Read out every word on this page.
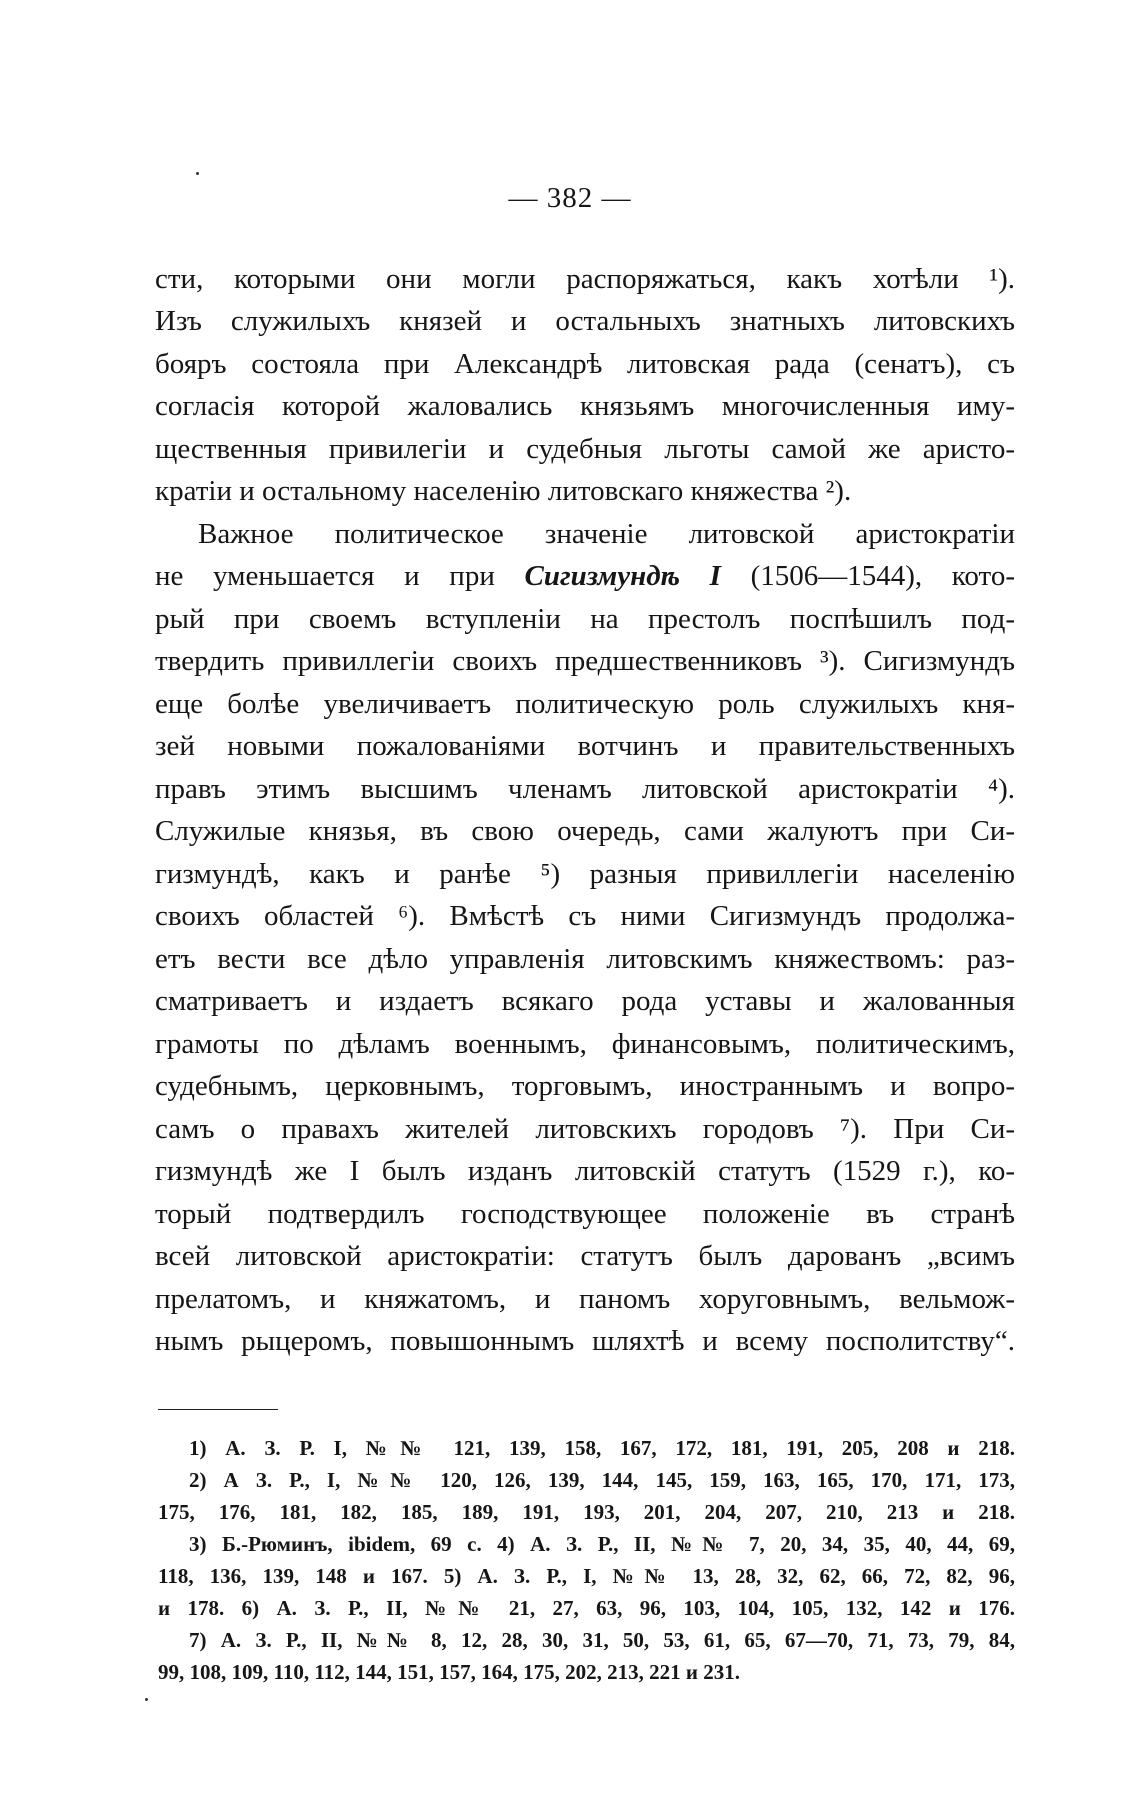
— 382 —
сти, которыми они могли распоряжаться, какъ хотѣли ¹).
Изъ служилыхъ князей и остальныхъ знатныхъ литовскихъ
бояръ состояла при Александрѣ литовская рада (сенатъ), съ
согласія которой жаловались князьямъ многочисленныя иму-
щественныя привилегіи и судебныя льготы самой же аристо-
кратіи и остальному населенію литовскаго княжества ²).
Важное политическое значеніе литовской аристократіи
не уменьшается и при Сигизмундѣ I (1506—1544), кото-
рый при своемъ вступленіи на престолъ поспѣшилъ под-
твердить привиллегіи своихъ предшественниковъ ³). Сигизмундъ
еще болѣе увеличиваетъ политическую роль служилыхъ кня-
зей новыми пожалованіями вотчинъ и правительственныхъ
правъ этимъ высшимъ членамъ литовской аристократіи ⁴).
Служилые князья, въ свою очередь, сами жалуютъ при Си-
гизмундѣ, какъ и ранѣе ⁵) разныя привиллегіи населенію
своихъ областей ⁶). Вмѣстѣ съ ними Сигизмундъ продолжа-
етъ вести все дѣло управленія литовскимъ княжествомъ: раз-
сматриваетъ и издаетъ всякаго рода уставы и жалованныя
грамоты по дѣламъ военнымъ, финансовымъ, политическимъ,
судебнымъ, церковнымъ, торговымъ, иностраннымъ и вопро-
самъ о правахъ жителей литовскихъ городовъ ⁷). При Си-
гизмундѣ же I былъ изданъ литовскій статутъ (1529 г.), ко-
торый подтвердилъ господствующее положеніе въ странѣ
всей литовской аристократіи: статутъ былъ дарованъ „всимъ
прелатомъ, и княжатомъ, и паномъ хоруговнымъ, вельмож-
нымъ рыцеромъ, повышоннымъ шляхтѣ и всему посполитству“.
1) А. З. Р. I, №№ 121, 139, 158, 167, 172, 181, 191, 205, 208 и 218.
2) А З. Р., I, №№ 120, 126, 139, 144, 145, 159, 163, 165, 170, 171, 173,
175, 176, 181, 182, 185, 189, 191, 193, 201, 204, 207, 210, 213 и 218.
3) Б.-Рюминъ, ibidem, 69 с. 4) А. З. Р., II, №№ 7, 20, 34, 35, 40, 44, 69,
118, 136, 139, 148 и 167. 5) А. З. Р., I, №№ 13, 28, 32, 62, 66, 72, 82, 96,
и 178. 6) А. З. Р., II, №№ 21, 27, 63, 96, 103, 104, 105, 132, 142 и 176.
7) А. З. Р., II, №№ 8, 12, 28, 30, 31, 50, 53, 61, 65, 67—70, 71, 73, 79, 84,
99, 108, 109, 110, 112, 144, 151, 157, 164, 175, 202, 213, 221 и 231.
